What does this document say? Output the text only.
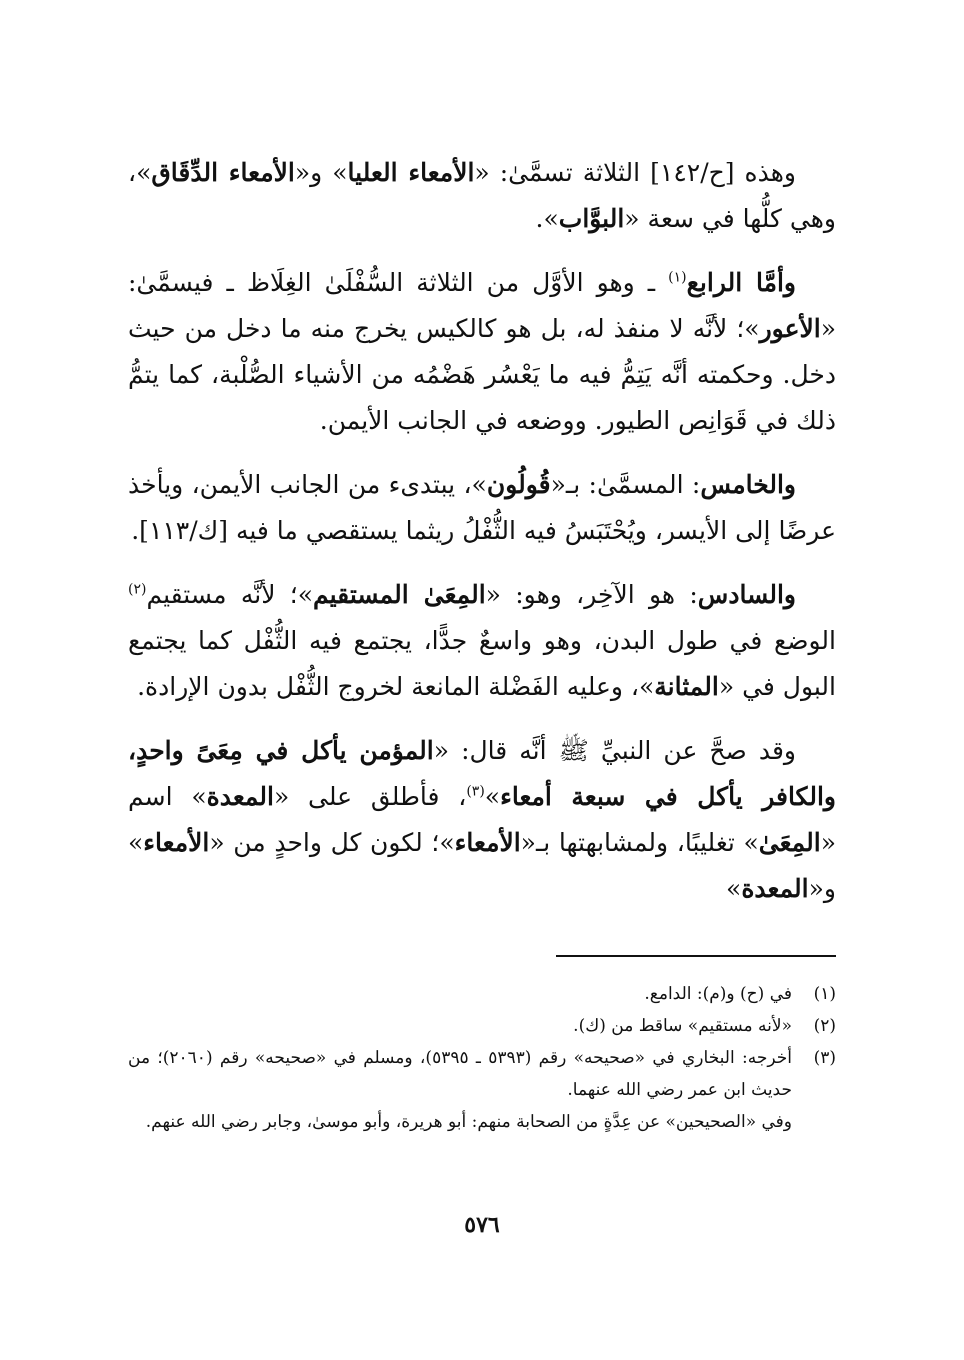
وهذه [ح/١٤٢] الثلاثة تسمَّىٰ: «الأمعاء العليا» و«الأمعاء الدِّقَاق»، وهي كلُّها في سعة «البوَّاب».

وأمَّا الرابع$^{(١)}$ ـ وهو الأوَّل من الثلاثة السُّفْلَىٰ الغِلَاظ ـ فيسمَّىٰ: «الأعور»؛ لأنَّه لا منفذ له، بل هو كالكيس يخرج منه ما دخل من حيث دخل. وحكمته أنَّه يَتِمُّ فيه ما يَعْسُر هَضْمُه من الأشياء الصُّلْبة، كما يتمُّ ذلك في قَوَانِص الطيور. ووضعه في الجانب الأيمن.

والخامس: المسمَّىٰ: بـ«قُولُون»، يبتدىء من الجانب الأيمن، ويأخذ عرضًا إلى الأيسر، ويُحْتَبَسُ فيه الثُّفْلُ ريثما يستقصي ما فيه [ك/١١٣].

والسادس: هو الآخِر، وهو: «المِعَىٰ المستقيم»؛ لأنَّه مستقيم$^{(٢)}$ الوضع في طول البدن، وهو واسعٌ جدًّا، يجتمع فيه الثُّفْل كما يجتمع البول في «المثانة»، وعليه الفَضْلة المانعة لخروج الثُّفْل بدون الإرادة.

وقد صحَّ عن النبيِّ ﷺ أنَّه قال: «المؤمن يأكل في مِعَىً واحدٍ، والكافر يأكل في سبعة أمعاء»$^{(٣)}$، فأطلق على «المعدة» اسم «المِعَىٰ» تغليبًا، ولمشابهتها بـ«الأمعاء»؛ لكون كل واحدٍ من «الأمعاء» و«المعدة»

(١)
في (ح) و(م): الدامع.
(٢)
«لأنه مستقيم» ساقط من (ك).
(٣)
أخرجه: البخاري في «صحيحه» رقم (٥٣٩٣ ـ ٥٣٩٥)، ومسلم في «صحيحه» رقم (٢٠٦٠)؛ من حديث ابن عمر رضي الله عنهما.
وفي «الصحيحين» عن عِدَّةٍ من الصحابة منهم: أبو هريرة، وأبو موسىٰ، وجابر رضي الله عنهم.
٥٧٦
